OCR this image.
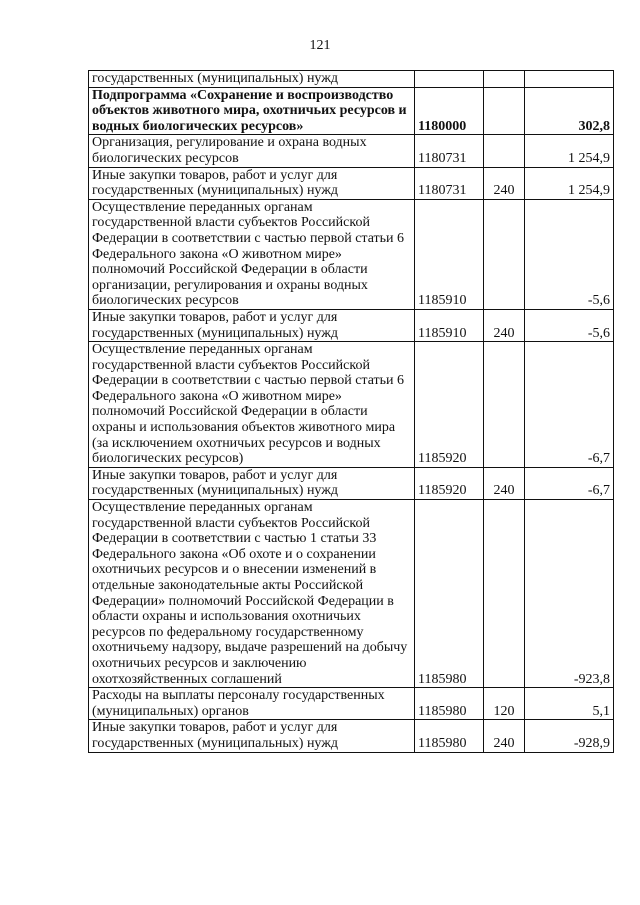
121
государственных (муниципальных) нужд			
Подпрограмма «Сохранение и воспроизводство объектов животного мира, охотничьих ресурсов и водных биологических ресурсов»	1180000		302,8
Организация, регулирование и охрана водных биологических ресурсов	1180731		1 254,9
Иные закупки товаров, работ и услуг для государственных (муниципальных) нужд	1180731	240	1 254,9
Осуществление переданных органам государственной власти субъектов Российской Федерации в соответствии с частью первой статьи 6 Федерального закона «О животном мире» полномочий Российской Федерации в области организации, регулирования и охраны водных биологических ресурсов	1185910		-5,6
Иные закупки товаров, работ и услуг для государственных (муниципальных) нужд	1185910	240	-5,6
Осуществление переданных органам государственной власти субъектов Российской Федерации в соответствии с частью первой статьи 6 Федерального закона «О животном мире» полномочий Российской Федерации в области охраны и использования объектов животного мира (за исключением охотничьих ресурсов и водных биологических ресурсов)	1185920		-6,7
Иные закупки товаров, работ и услуг для государственных (муниципальных) нужд	1185920	240	-6,7
Осуществление переданных органам государственной власти субъектов Российской Федерации в соответствии с частью 1 статьи 33 Федерального закона «Об охоте и о сохранении охотничьих ресурсов и о внесении изменений в отдельные законодательные акты Российской Федерации» полномочий Российской Федерации в области охраны и использования охотничьих ресурсов по федеральному государственному охотничьему надзору, выдаче разрешений на добычу охотничьих ресурсов и заключению охотхозяйственных соглашений	1185980		-923,8
Расходы на выплаты персоналу государственных (муниципальных) органов	1185980	120	5,1
Иные закупки товаров, работ и услуг для государственных (муниципальных) нужд	1185980	240	-928,9
